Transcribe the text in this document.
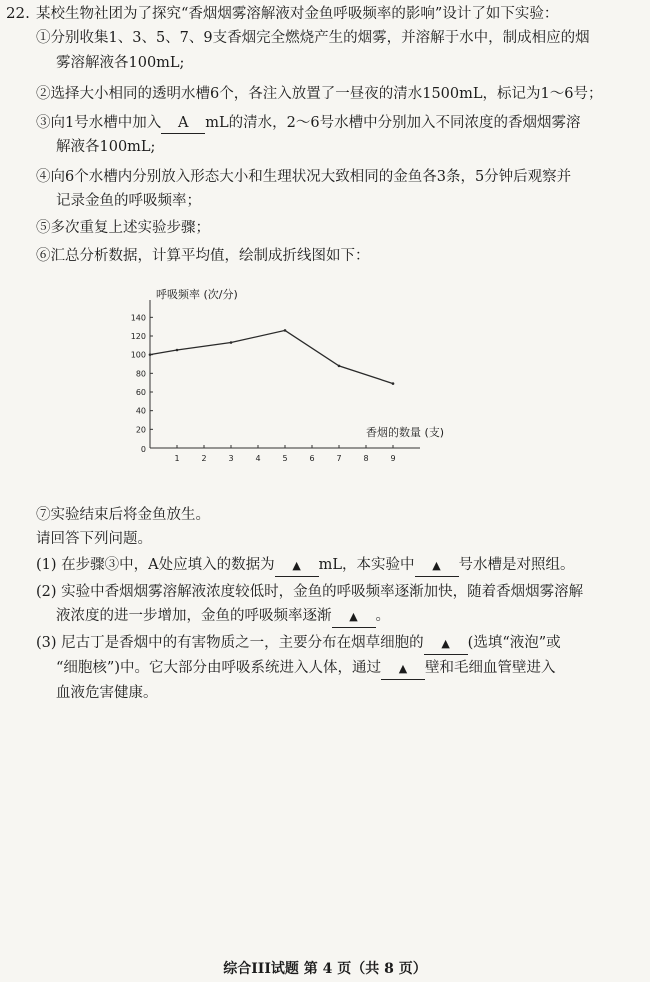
22. 某校生物社团为了探究“香烟烟雾溶解液对金鱼呼吸频率的影响”设计了如下实验：
①分别收集1、3、5、7、9支香烟完全燃烧产生的烟雾，并溶解于水中，制成相应的烟
雾溶解液各100mL;
②选择大小相同的透明水槽6个，各注入放置了一昼夜的清水1500mL，标记为1～6号；
③向1号水槽中加入 A mL的清水，2～6号水槽中分别加入不同浓度的香烟烟雾溶
解液各100mL;
④向6个水槽内分别放入形态大小和生理状况大致相同的金鱼各3条，5分钟后观察并
记录金鱼的呼吸频率；
⑤多次重复上述实验步骤；
⑥汇总分析数据，计算平均值，绘制成折线图如下：
0
1	2	3	4	5	6	7	8	9
20
40
60
80
100
120
140
呼吸频率 (次/分)
香烟的数量 (支)
⑦实验结束后将金鱼放生。
请回答下列问题。
(1) 在步骤③中，A处应填入的数据为 ▲ mL，本实验中 ▲ 号水槽是对照组。
(2) 实验中香烟烟雾溶解液浓度较低时，金鱼的呼吸频率逐渐加快，随着香烟烟雾溶解
液浓度的进一步增加，金鱼的呼吸频率逐渐 ▲ 。
(3) 尼古丁是香烟中的有害物质之一，主要分布在烟草细胞的 ▲ (选填“液泡”或
“细胞核”)中。它大部分由呼吸系统进入人体，通过 ▲ 壁和毛细血管壁进入
血液危害健康。
综合III试题 第 4 页（共 8 页）
